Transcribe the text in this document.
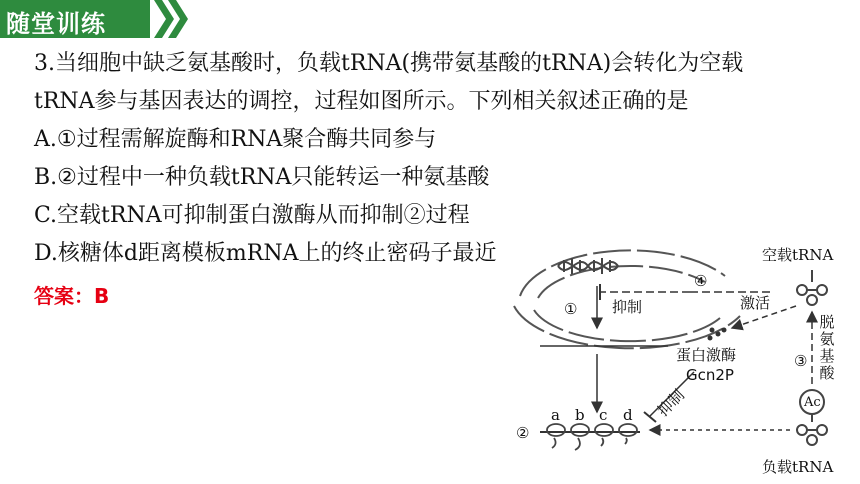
随堂训练
3.当细胞中缺乏氨基酸时，负载tRNA(携带氨基酸的tRNA)会转化为空载
tRNA参与基因表达的调控，过程如图所示。下列相关叙述正确的是
A.①过程需解旋酶和RNA聚合酶共同参与
B.②过程中一种负载tRNA只能转运一种氨基酸
C.空载tRNA可抑制蛋白激酶从而抑制②过程
D.核糖体d距离模板mRNA上的终止密码子最近
答案：B
① 抑制
④
空载tRNA
激活
脱氨基酸
③
蛋白激酶
Gcn2P
抑制	Ac
负载tRNA
②
a b c d
